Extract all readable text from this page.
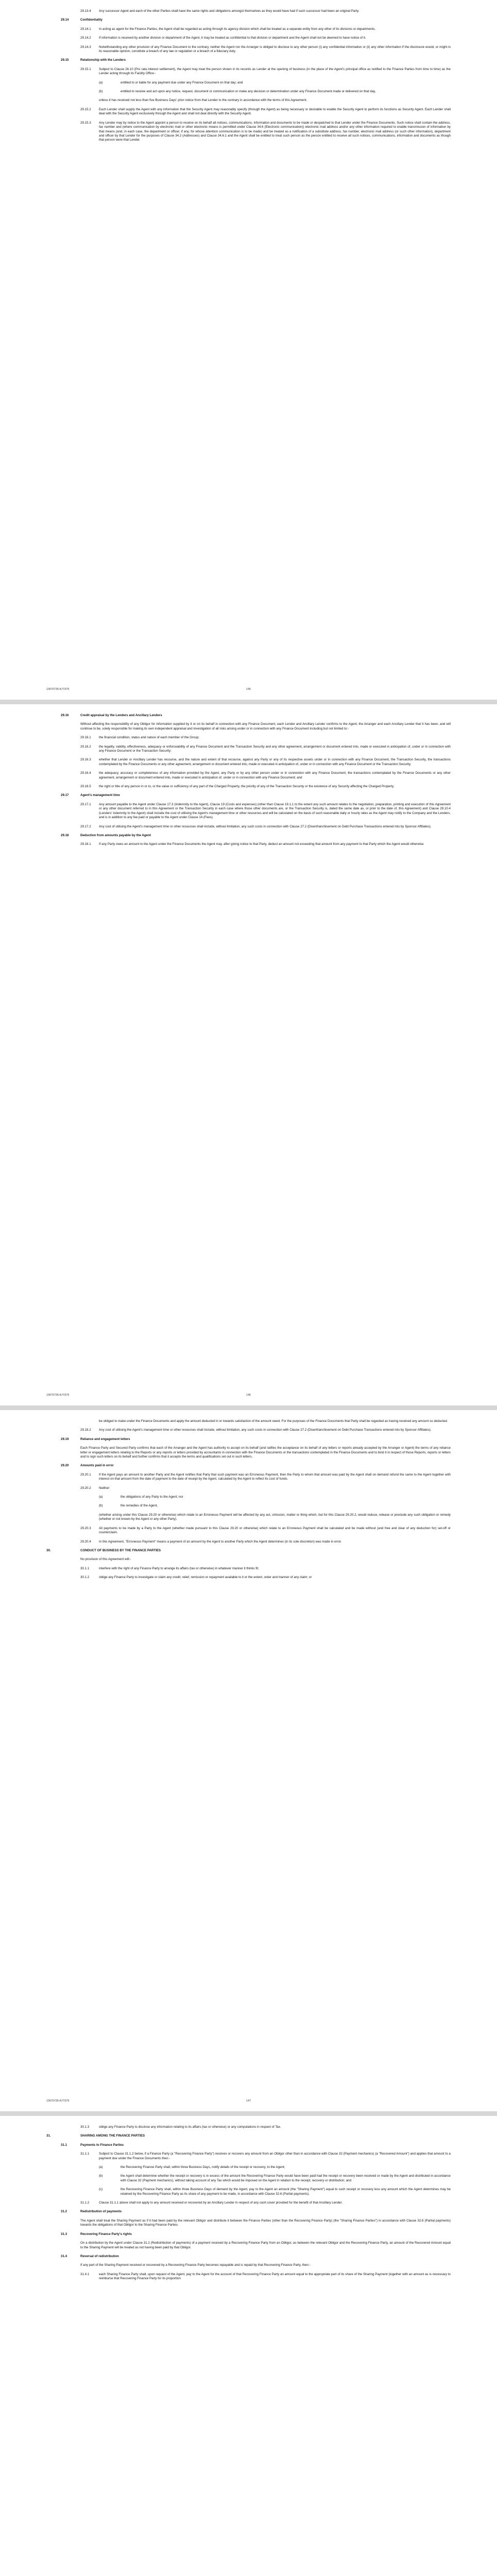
29.13.4	Any successor Agent and each of the other Parties shall have the same rights and obligations amongst themselves as they would have had if such successor had been an original Party.
29.14	Confidentiality
29.14.1	In acting as agent for the Finance Parties, the Agent shall be regarded as acting through its agency division which shall be treated as a separate entity from any other of its divisions or departments.
29.14.2	If information is received by another division or department of the Agent, it may be treated as confidential to that division or department and the Agent shall not be deemed to have notice of it.
29.14.3	Notwithstanding any other provision of any Finance Document to the contrary, neither the Agent nor the Arranger is obliged to disclose to any other person (i) any confidential information or (ii) any other information if the disclosure would, or might in its reasonable opinion, constitute a breach of any law or regulation or a breach of a fiduciary duty.
29.15	Relationship with the Lenders
29.15.1	Subject to Clause 26.10 (Pro rata interest settlement), the Agent may treat the person shown in its records as Lender at the opening of business (in the place of the Agent's principal office as notified to the Finance Parties from time to time) as the Lender acting through its Facility Office:-
(a)	entitled to or liable for any payment due under any Finance Document on that day; and
(b)	entitled to receive and act upon any notice, request, document or communication or make any decision or determination under any Finance Document made or delivered on that day,
unless it has received not less than five Business Days' prior notice from that Lender to the contrary in accordance with the terms of this Agreement.
29.15.2	Each Lender shall supply the Agent with any information that the Security Agent may reasonably specify (through the Agent) as being necessary or desirable to enable the Security Agent to perform its functions as Security Agent. Each Lender shall deal with the Security Agent exclusively through the Agent and shall not deal directly with the Security Agent.
29.15.3	Any Lender may by notice to the Agent appoint a person to receive on its behalf all notices, communications, information and documents to be made or despatched to that Lender under the Finance Documents. Such notice shall contain the address, fax number and (where communication by electronic mail or other electronic means is permitted under Clause 34.6 (Electronic communication)) electronic mail address and/or any other information required to enable transmission of information by that means (and, in each case, the department or officer, if any, for whose attention communication is to be made) and be treated as a notification of a substitute address, fax number, electronic mail address (or such other information), department and officer by that Lender for the purposes of Clause 34.2 (Addresses) and Clause 34.6.1 and the Agent shall be entitled to treat such person as the person entitled to receive all such notices, communications, information and documents as though that person were that Lender.
13670735-K/7/376	145
29.16	Credit appraisal by the Lenders and Ancillary Lenders
Without affecting the responsibility of any Obligor for information supplied by it or on its behalf in connection with any Finance Document, each Lender and Ancillary Lender confirms to the Agent, the Arranger and each Ancillary Lender that it has been, and will continue to be, solely responsible for making its own independent appraisal and investigation of all risks arising under or in connection with any Finance Document including but not limited to:-
29.16.1	the financial condition, status and nature of each member of the Group;
29.16.2	the legality, validity, effectiveness, adequacy or enforceability of any Finance Document and the Transaction Security and any other agreement, arrangement or document entered into, made or executed in anticipation of, under or in connection with any Finance Document or the Transaction Security;
29.16.3	whether that Lender or Ancillary Lender has recourse, and the nature and extent of that recourse, against any Party or any of its respective assets under or in connection with any Finance Document, the Transaction Security, the transactions contemplated by the Finance Documents or any other agreement, arrangement or document entered into, made or executed in anticipation of, under or in connection with any Finance Document or the Transaction Security;
29.16.4	the adequacy, accuracy or completeness of any information provided by the Agent, any Party or by any other person under or in connection with any Finance Document, the transactions contemplated by the Finance Documents or any other agreement, arrangement or document entered into, made or executed in anticipation of, under or in connection with any Finance Document; and
29.16.5	the right or title of any person in or to, or the value or sufficiency of any part of the Charged Property, the priority of any of the Transaction Security or the existence of any Security affecting the Charged Property.
29.17	Agent's management time
29.17.1	Any amount payable to the Agent under Clause 17.3 (Indemnity to the Agent), Clause 19 (Costs and expenses) (other than Clause 19.1.1 to the extent any such amount relates to the negotiation, preparation, printing and execution of this Agreement or any other document referred to in this Agreement or the Transaction Security in each case where those other documents are, or the Transaction Security is, dated the same date as, or prior to the date of, this Agreement) and Clause 29.10.4 (Lenders' indemnity to the Agent) shall include the cost of utilising the Agent's management time or other resources and will be calculated on the basis of such reasonable daily or hourly rates as the Agent may notify to the Company and the Lenders, and is in addition to any fee paid or payable to the Agent under Clause 14 (Fees).
29.17.2	Any cost of utilising the Agent's management time or other resources shall include, without limitation, any such costs in connection with Clause 27.2 (Disenfranchisement on Debt Purchase Transactions entered into by Sponsor Affiliates).
29.18	Deduction from amounts payable by the Agent
29.18.1	If any Party owes an amount to the Agent under the Finance Documents the Agent may, after giving notice to that Party, deduct an amount not exceeding that amount from any payment to that Party which the Agent would otherwise
13670735-K/7/376	146
be obliged to make under the Finance Documents and apply the amount deducted in or towards satisfaction of the amount owed. For the purposes of the Finance Documents that Party shall be regarded as having received any amount so deducted.
29.18.2	Any cost of utilising the Agent's management time or other resources shall include, without limitation, any such costs in connection with Clause 27.2 (Disenfranchisement on Debt Purchase Transactions entered into by Sponsor Affiliates).
29.19	Reliance and engagement letters
Each Finance Party and Secured Party confirms that each of the Arranger and the Agent has authority to accept on its behalf (and ratifies the acceptance on its behalf of any letters or reports already accepted by the Arranger or Agent) the terms of any reliance letter or engagement letters relating to the Reports or any reports or letters provided by accountants in connection with the Finance Documents or the transactions contemplated in the Finance Documents and to bind it in respect of those Reports, reports or letters and to sign such letters on its behalf and further confirms that it accepts the terms and qualifications set out in such letters.
29.20	Amounts paid in error
29.20.1	If the Agent pays an amount to another Party and the Agent notifies that Party that such payment was an Erroneous Payment, then the Party to whom that amount was paid by the Agent shall on demand refund the same to the Agent together with interest on that amount from the date of payment to the date of receipt by the Agent, calculated by the Agent to reflect its cost of funds.
29.20.2	Neither:
(a)	the obligations of any Party to the Agent; nor
(b)	the remedies of the Agent,
(whether arising under this Clause 29.20 or otherwise) which relate to an Erroneous Payment will be affected by any act, omission, matter or thing which, but for this Clause 29.20.2, would reduce, release or preclude any such obligation or remedy (whether or not known by the Agent or any other Party).
29.20.3	All payments to be made by a Party to the Agent (whether made pursuant to this Clause 29.20 or otherwise) which relate to an Erroneous Payment shall be calculated and be made without (and free and clear of any deduction for) set-off or counterclaim.
29.20.4	In this Agreement, "Erroneous Payment" means a payment of an amount by the Agent to another Party which the Agent determines (in its sole discretion) was made in error.
30.	CONDUCT OF BUSINESS BY THE FINANCE PARTIES
No provision of this Agreement will:-
30.1.1	interfere with the right of any Finance Party to arrange its affairs (tax or otherwise) in whatever manner it thinks fit;
30.1.2	oblige any Finance Party to investigate or claim any credit, relief, remission or repayment available to it or the extent, order and manner of any claim; or
13670735-K/7/376	147
30.1.3	oblige any Finance Party to disclose any information relating to its affairs (tax or otherwise) or any computations in respect of Tax.
31.	SHARING AMONG THE FINANCE PARTIES
31.1	Payments to Finance Parties
31.1.1	Subject to Clause 31.1.2 below, if a Finance Party (a "Recovering Finance Party") receives or recovers any amount from an Obligor other than in accordance with Clause 32 (Payment mechanics) (a "Recovered Amount") and applies that amount to a payment due under the Finance Documents then:-
(a)	the Recovering Finance Party shall, within three Business Days, notify details of the receipt or recovery, to the Agent;
(b)	the Agent shall determine whether the receipt or recovery is in excess of the amount the Recovering Finance Party would have been paid had the receipt or recovery been received or made by the Agent and distributed in accordance with Clause 32 (Payment mechanics), without taking account of any Tax which would be imposed on the Agent in relation to the receipt, recovery or distribution; and
(c)	the Recovering Finance Party shall, within three Business Days of demand by the Agent, pay to the Agent an amount (the "Sharing Payment") equal to such receipt or recovery less any amount which the Agent determines may be retained by the Recovering Finance Party as its share of any payment to be made, in accordance with Clause 32.6 (Partial payments).
31.1.2	Clause 31.1.1 above shall not apply to any amount received or recovered by an Ancillary Lender in respect of any cash cover provided for the benefit of that Ancillary Lender.
31.2	Redistribution of payments
The Agent shall treat the Sharing Payment as if it had been paid by the relevant Obligor and distribute it between the Finance Parties (other than the Recovering Finance Party) (the "Sharing Finance Parties") in accordance with Clause 32.6 (Partial payments) towards the obligations of that Obligor to the Sharing Finance Parties.
31.3	Recovering Finance Party's rights
On a distribution by the Agent under Clause 31.2 (Redistribution of payments) of a payment received by a Recovering Finance Party from an Obligor, as between the relevant Obligor and the Recovering Finance Party, an amount of the Recovered Amount equal to the Sharing Payment will be treated as not having been paid by that Obligor.
31.4	Reversal of redistribution
If any part of the Sharing Payment received or recovered by a Recovering Finance Party becomes repayable and is repaid by that Recovering Finance Party, then:-
31.4.1	each Sharing Finance Party shall, upon request of the Agent, pay to the Agent for the account of that Recovering Finance Party an amount equal to the appropriate part of its share of the Sharing Payment (together with an amount as is necessary to reimburse that Recovering Finance Party for its proportion
